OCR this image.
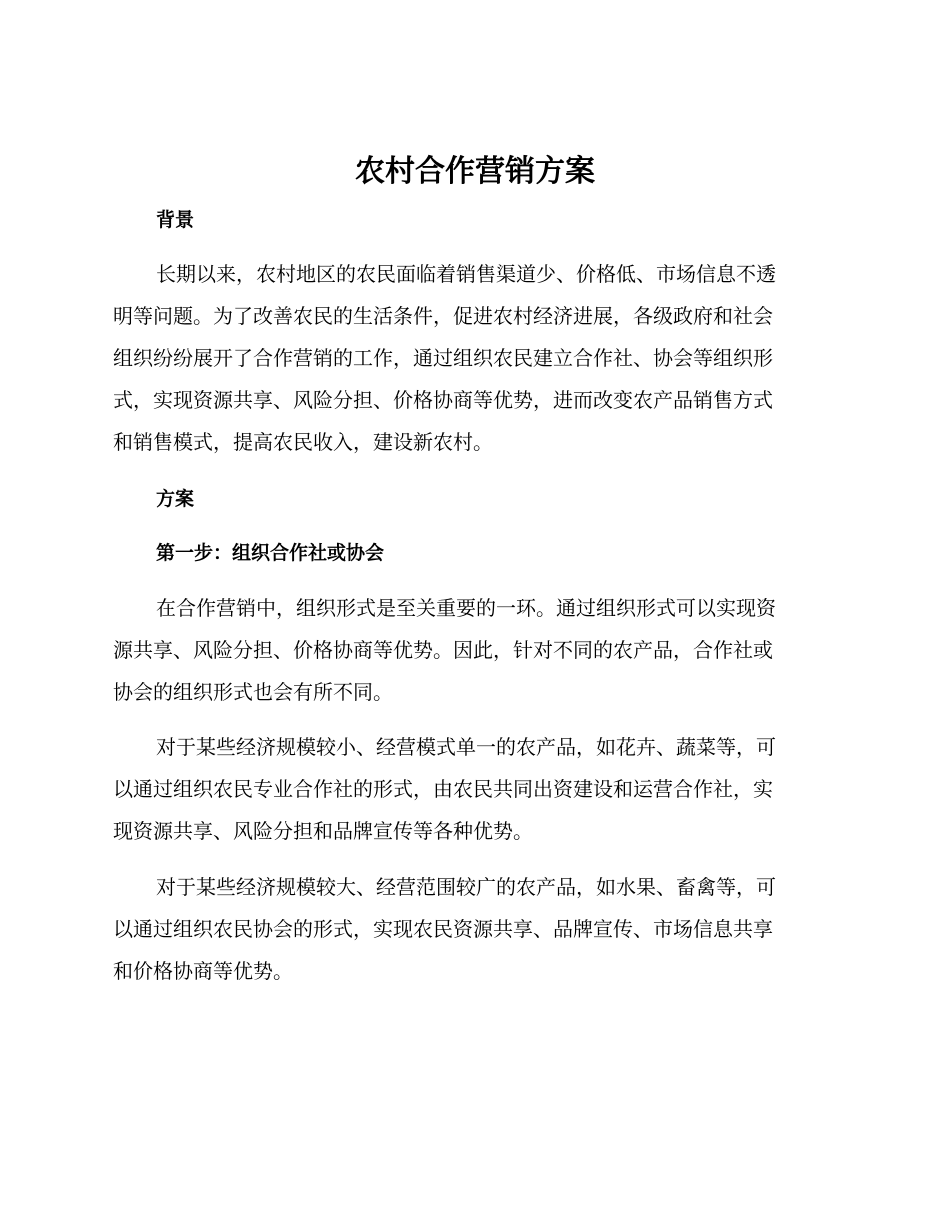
农村合作营销方案
背景
长期以来，农村地区的农民面临着销售渠道少、价格低、市场信息不透
明等问题。为了改善农民的生活条件，促进农村经济进展，各级政府和社会
组织纷纷展开了合作营销的工作，通过组织农民建立合作社、协会等组织形
式，实现资源共享、风险分担、价格协商等优势，进而改变农产品销售方式
和销售模式，提高农民收入，建设新农村。
方案
第一步：组织合作社或协会
在合作营销中，组织形式是至关重要的一环。通过组织形式可以实现资
源共享、风险分担、价格协商等优势。因此，针对不同的农产品，合作社或
协会的组织形式也会有所不同。
对于某些经济规模较小、经营模式单一的农产品，如花卉、蔬菜等，可
以通过组织农民专业合作社的形式，由农民共同出资建设和运营合作社，实
现资源共享、风险分担和品牌宣传等各种优势。
对于某些经济规模较大、经营范围较广的农产品，如水果、畜禽等，可
以通过组织农民协会的形式，实现农民资源共享、品牌宣传、市场信息共享
和价格协商等优势。
